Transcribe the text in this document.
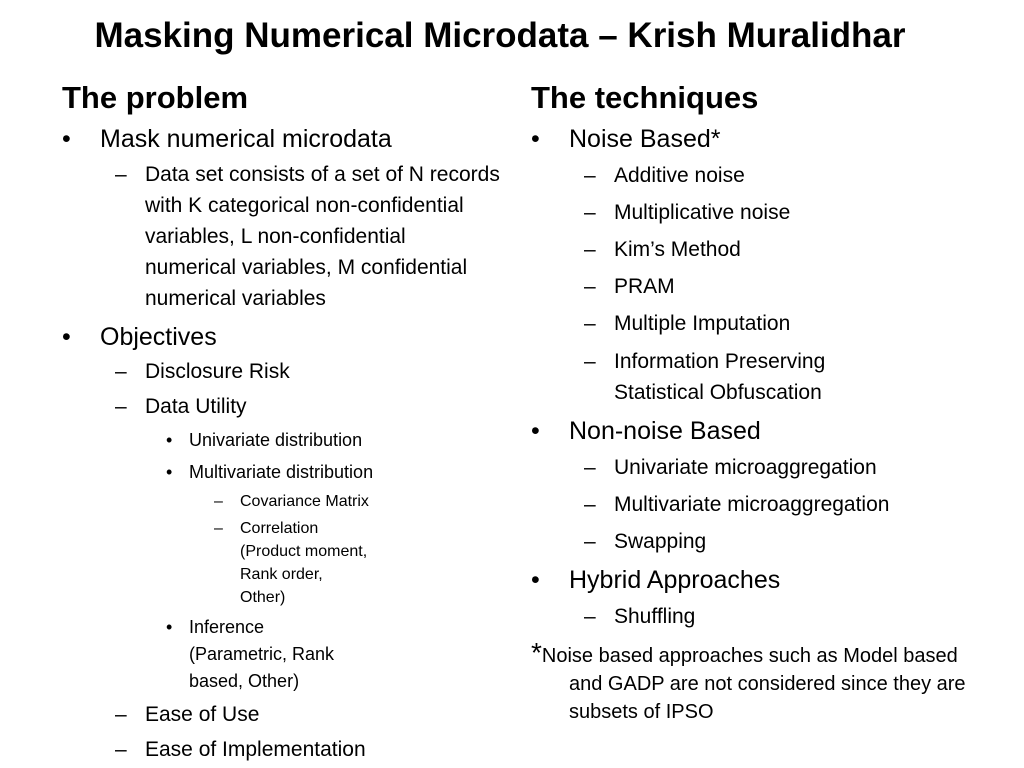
Masking Numerical Microdata – Krish Muralidhar
The problem
• Mask numerical microdata
– Data set consists of a set of N records with K categorical non-confidential variables, L non-confidential numerical variables, M confidential numerical variables
• Objectives
– Disclosure Risk
– Data Utility
• Univariate distribution
• Multivariate distribution
– Covariance Matrix
– Correlation (Product moment, Rank order, Other)
• Inference (Parametric, Rank based, Other)
– Ease of Use
– Ease of Implementation
The techniques
• Noise Based*
– Additive noise
– Multiplicative noise
– Kim’s Method
– PRAM
– Multiple Imputation
– Information Preserving Statistical Obfuscation
• Non-noise Based
– Univariate microaggregation
– Multivariate microaggregation
– Swapping
• Hybrid Approaches
– Shuffling
*Noise based approaches such as Model based and GADP are not considered since they are subsets of IPSO
